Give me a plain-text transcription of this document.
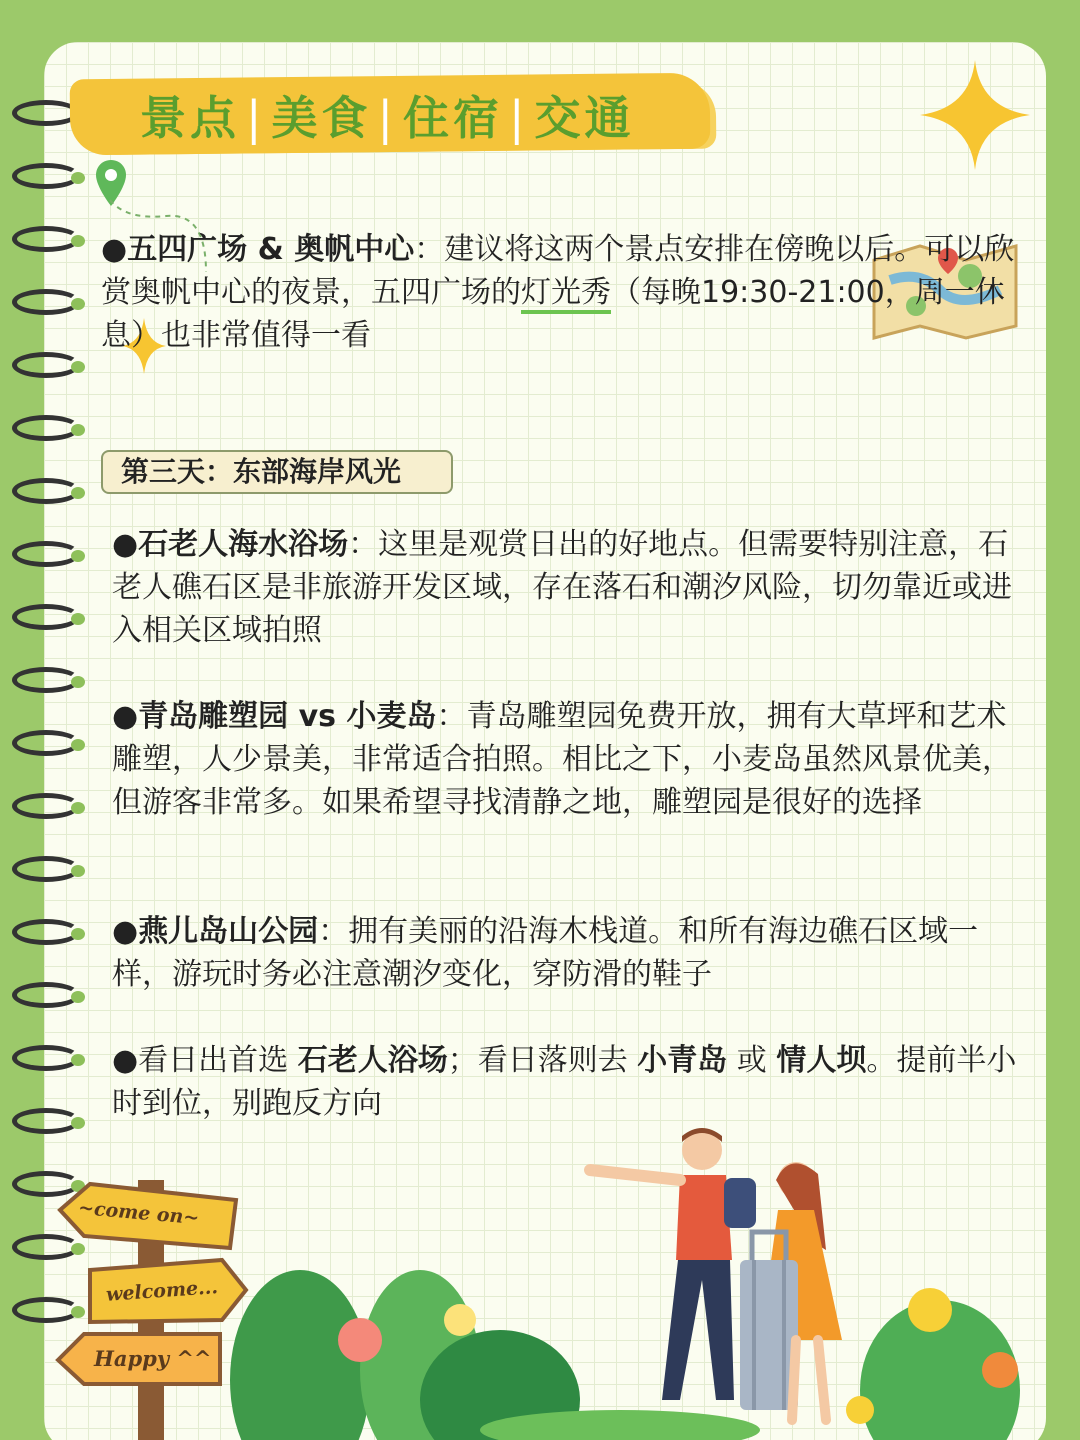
景点 | 美食 | 住宿 | 交通
●五四广场 & 奥帆中心：建议将这两个景点安排在傍晚以后。可以欣赏奥帆中心的夜景，五四广场的灯光秀（每晚19:30-21:00，周一休息）也非常值得一看
第三天：东部海岸风光
●石老人海水浴场：这里是观赏日出的好地点。但需要特别注意，石老人礁石区是非旅游开发区域，存在落石和潮汐风险，切勿靠近或进入相关区域拍照
●青岛雕塑园 vs 小麦岛：青岛雕塑园免费开放，拥有大草坪和艺术雕塑，人少景美，非常适合拍照。相比之下，小麦岛虽然风景优美，但游客非常多。如果希望寻找清静之地，雕塑园是很好的选择
●燕儿岛山公园：拥有美丽的沿海木栈道。和所有海边礁石区域一样，游玩时务必注意潮汐变化，穿防滑的鞋子
●看日出首选 石老人浴场；看日落则去 小青岛 或 情人坝。提前半小时到位，别跑反方向
~come on~
welcome...
Happy ^^
